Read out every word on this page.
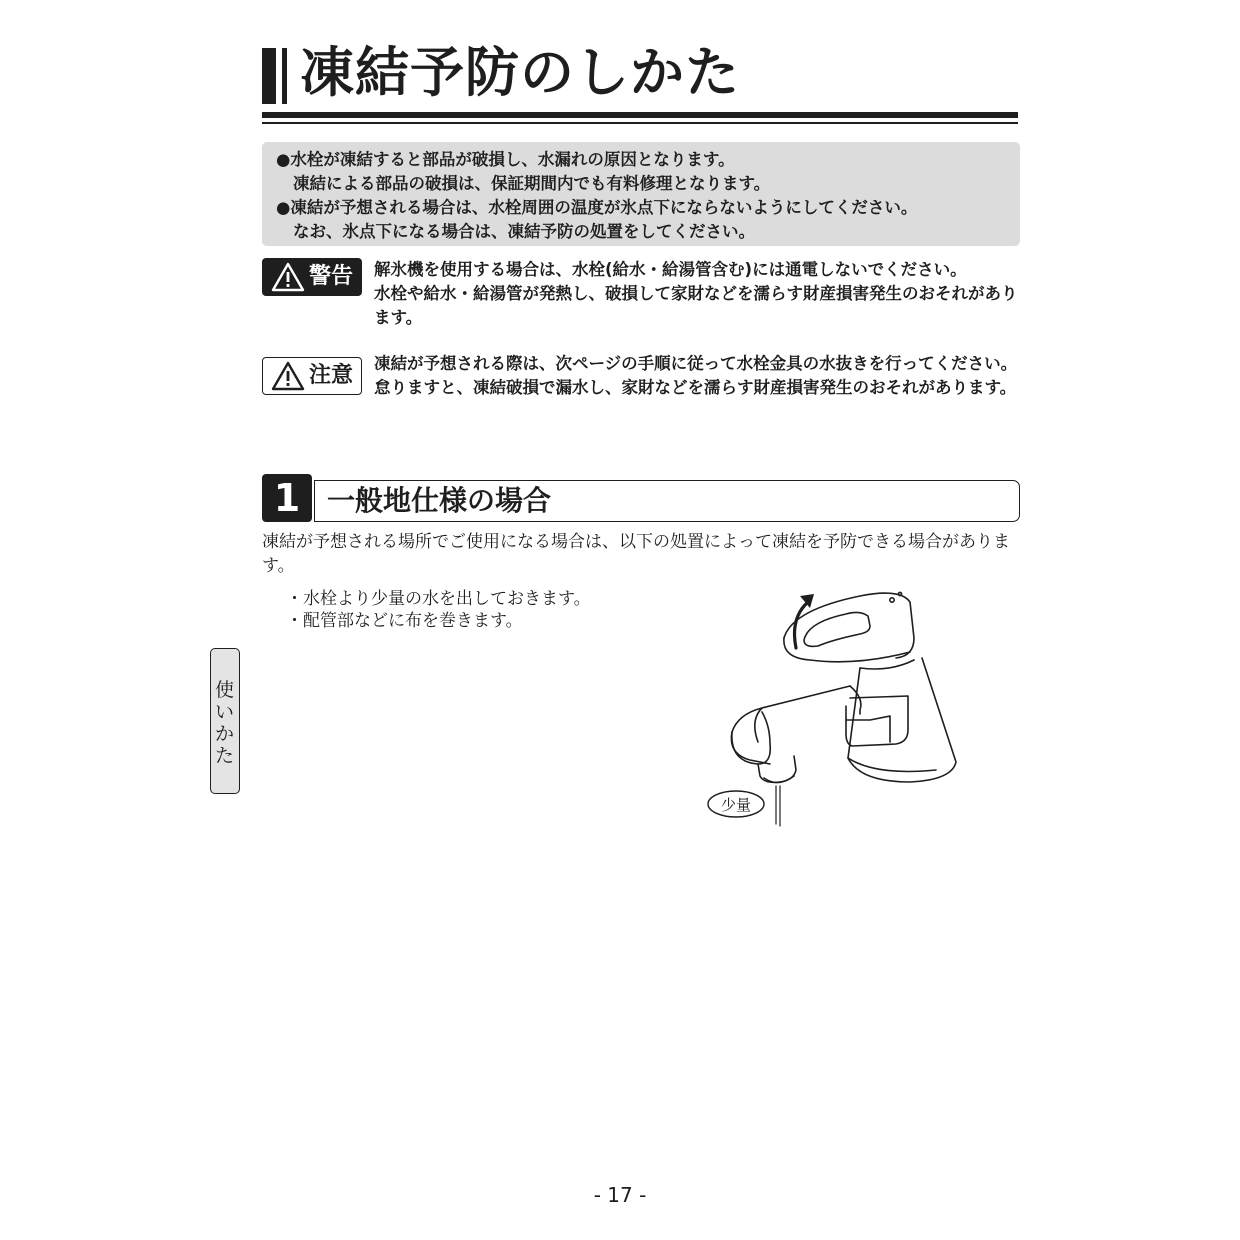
凍結予防のしかた
●水栓が凍結すると部品が破損し、水漏れの原因となります。
凍結による部品の破損は、保証期間内でも有料修理となります。
●凍結が予想される場合は、水栓周囲の温度が氷点下にならないようにしてください。
なお、氷点下になる場合は、凍結予防の処置をしてください。
警告 解氷機を使用する場合は、水栓(給水・給湯管含む)には通電しないでください。

水栓や給水・給湯管が発熱し、破損して家財などを濡らす財産損害発生のおそれがあります。

注意 凍結が予想される際は、次ページの手順に従って水栓金具の水抜きを行ってください。

怠りますと、凍結破損で漏水し、家財などを濡らす財産損害発生のおそれがあります。

1 一般地仕様の場合
凍結が予想される場所でご使用になる場合は、以下の処置によって凍結を予防できる場合があります。
・水栓より少量の水を出しておきます。
・配管部などに布を巻きます。
少量
使
い
か
た
- 17 -
